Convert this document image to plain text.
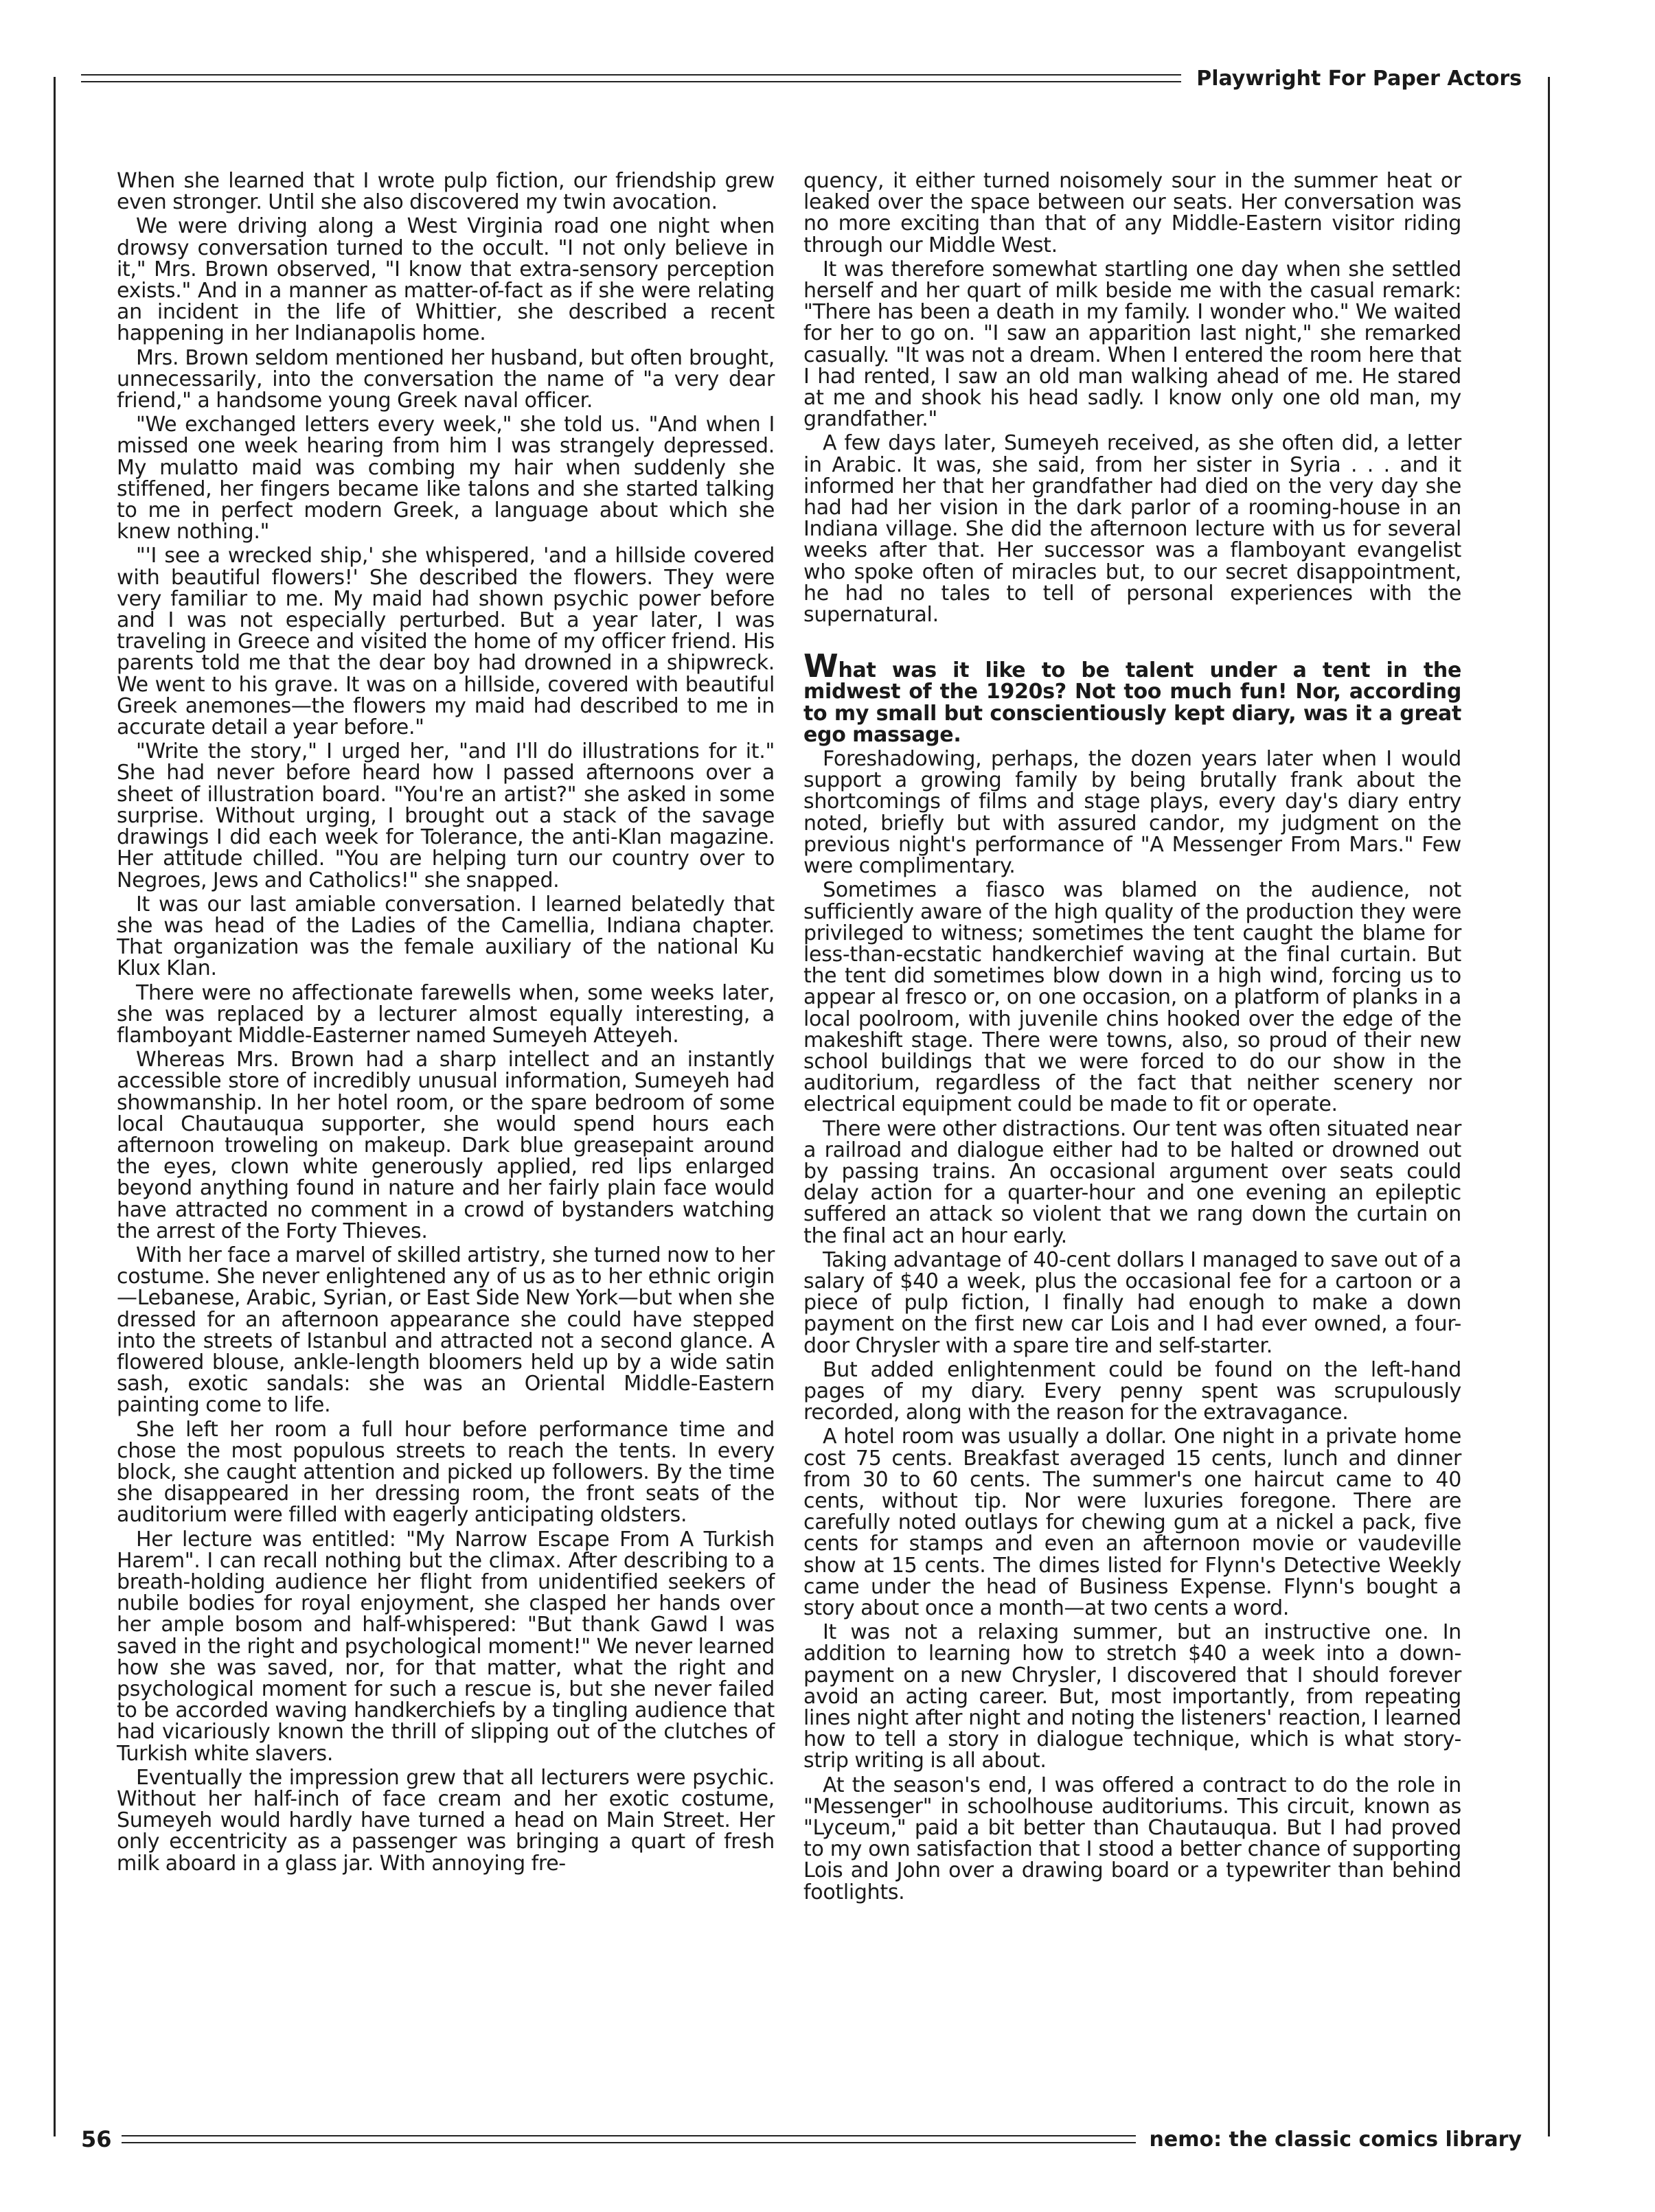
Playwright For Paper Actors

When she learned that I wrote pulp fiction, our friendship grew even stronger. Until she also discovered my twin avocation.

We were driving along a West Virginia road one night when drowsy conversation turned to the occult. "I not only believe in it," Mrs. Brown observed, "I know that extra-sensory perception exists." And in a manner as matter-of-fact as if she were relating an incident in the life of Whittier, she described a recent happening in her Indianapolis home.

Mrs. Brown seldom mentioned her husband, but often brought, unnecessarily, into the conversation the name of "a very dear friend," a handsome young Greek naval officer.

"We exchanged letters every week," she told us. "And when I missed one week hearing from him I was strangely depressed. My mulatto maid was combing my hair when suddenly she stiffened, her fingers became like talons and she started talking to me in perfect modern Greek, a language about which she knew nothing."

"'I see a wrecked ship,' she whispered, 'and a hillside covered with beautiful flowers!' She described the flowers. They were very familiar to me. My maid had shown psychic power before and I was not especially perturbed. But a year later, I was traveling in Greece and visited the home of my officer friend. His parents told me that the dear boy had drowned in a shipwreck. We went to his grave. It was on a hillside, covered with beautiful Greek anemones—the flowers my maid had described to me in accurate detail a year before."

"Write the story," I urged her, "and I'll do illustrations for it." She had never before heard how I passed afternoons over a sheet of illustration board. "You're an artist?" she asked in some surprise. Without urging, I brought out a stack of the savage drawings I did each week for Tolerance, the anti-Klan magazine. Her attitude chilled. "You are helping turn our country over to Negroes, Jews and Catholics!" she snapped.

It was our last amiable conversation. I learned belatedly that she was head of the Ladies of the Camellia, Indiana chapter. That organization was the female auxiliary of the national Ku Klux Klan.

There were no affectionate farewells when, some weeks later, she was replaced by a lecturer almost equally interesting, a flamboyant Middle-Easterner named Sumeyeh Atteyeh.

Whereas Mrs. Brown had a sharp intellect and an instantly accessible store of incredibly unusual information, Sumeyeh had showmanship. In her hotel room, or the spare bedroom of some local Chautauqua supporter, she would spend hours each afternoon troweling on makeup. Dark blue greasepaint around the eyes, clown white generously applied, red lips enlarged beyond anything found in nature and her fairly plain face would have attracted no comment in a crowd of bystanders watching the arrest of the Forty Thieves.

With her face a marvel of skilled artistry, she turned now to her costume. She never enlightened any of us as to her ethnic origin—Lebanese, Arabic, Syrian, or East Side New York—but when she dressed for an afternoon appearance she could have stepped into the streets of Istanbul and attracted not a second glance. A flowered blouse, ankle-length bloomers held up by a wide satin sash, exotic sandals: she was an Oriental Middle-Eastern painting come to life.

She left her room a full hour before performance time and chose the most populous streets to reach the tents. In every block, she caught attention and picked up followers. By the time she disappeared in her dressing room, the front seats of the auditorium were filled with eagerly anticipating oldsters.

Her lecture was entitled: "My Narrow Escape From A Turkish Harem". I can recall nothing but the climax. After describing to a breath-holding audience her flight from unidentified seekers of nubile bodies for royal enjoyment, she clasped her hands over her ample bosom and half-whispered: "But thank Gawd I was saved in the right and psychological moment!" We never learned how she was saved, nor, for that matter, what the right and psychological moment for such a rescue is, but she never failed to be accorded waving handkerchiefs by a tingling audience that had vicariously known the thrill of slipping out of the clutches of Turkish white slavers.

Eventually the impression grew that all lecturers were psychic. Without her half-inch of face cream and her exotic costume, Sumeyeh would hardly have turned a head on Main Street. Her only eccentricity as a passenger was bringing a quart of fresh milk aboard in a glass jar. With annoying fre-

quency, it either turned noisomely sour in the summer heat or leaked over the space between our seats. Her conversation was no more exciting than that of any Middle-Eastern visitor riding through our Middle West.

It was therefore somewhat startling one day when she settled herself and her quart of milk beside me with the casual remark: "There has been a death in my family. I wonder who." We waited for her to go on. "I saw an apparition last night," she remarked casually. "It was not a dream. When I entered the room here that I had rented, I saw an old man walking ahead of me. He stared at me and shook his head sadly. I know only one old man, my grandfather."

A few days later, Sumeyeh received, as she often did, a letter in Arabic. It was, she said, from her sister in Syria . . . and it informed her that her grandfather had died on the very day she had had her vision in the dark parlor of a rooming-house in an Indiana village. She did the afternoon lecture with us for several weeks after that. Her successor was a flamboyant evangelist who spoke often of miracles but, to our secret disappointment, he had no tales to tell of personal experiences with the supernatural.

What was it like to be talent under a tent in the midwest of the 1920s? Not too much fun! Nor, according to my small but conscientiously kept diary, was it a great ego massage.

Foreshadowing, perhaps, the dozen years later when I would support a growing family by being brutally frank about the shortcomings of films and stage plays, every day's diary entry noted, briefly but with assured candor, my judgment on the previous night's performance of "A Messenger From Mars." Few were complimentary.

Sometimes a fiasco was blamed on the audience, not sufficiently aware of the high quality of the production they were privileged to witness; sometimes the tent caught the blame for less-than-ecstatic handkerchief waving at the final curtain. But the tent did sometimes blow down in a high wind, forcing us to appear al fresco or, on one occasion, on a platform of planks in a local poolroom, with juvenile chins hooked over the edge of the makeshift stage. There were towns, also, so proud of their new school buildings that we were forced to do our show in the auditorium, regardless of the fact that neither scenery nor electrical equipment could be made to fit or operate.

There were other distractions. Our tent was often situated near a railroad and dialogue either had to be halted or drowned out by passing trains. An occasional argument over seats could delay action for a quarter-hour and one evening an epileptic suffered an attack so violent that we rang down the curtain on the final act an hour early.

Taking advantage of 40-cent dollars I managed to save out of a salary of $40 a week, plus the occasional fee for a cartoon or a piece of pulp fiction, I finally had enough to make a down payment on the first new car Lois and I had ever owned, a four-door Chrysler with a spare tire and self-starter.

But added enlightenment could be found on the left-hand pages of my diary. Every penny spent was scrupulously recorded, along with the reason for the extravagance.

A hotel room was usually a dollar. One night in a private home cost 75 cents. Breakfast averaged 15 cents, lunch and dinner from 30 to 60 cents. The summer's one haircut came to 40 cents, without tip. Nor were luxuries foregone. There are carefully noted outlays for chewing gum at a nickel a pack, five cents for stamps and even an afternoon movie or vaudeville show at 15 cents. The dimes listed for Flynn's Detective Weekly came under the head of Business Expense. Flynn's bought a story about once a month—at two cents a word.

It was not a relaxing summer, but an instructive one. In addition to learning how to stretch $40 a week into a down-payment on a new Chrysler, I discovered that I should forever avoid an acting career. But, most importantly, from repeating lines night after night and noting the listeners' reaction, I learned how to tell a story in dialogue technique, which is what story-strip writing is all about.

At the season's end, I was offered a contract to do the role in "Messenger" in schoolhouse auditoriums. This circuit, known as "Lyceum," paid a bit better than Chautauqua. But I had proved to my own satisfaction that I stood a better chance of supporting Lois and John over a drawing board or a typewriter than behind footlights.

56	nemo: the classic comics library
